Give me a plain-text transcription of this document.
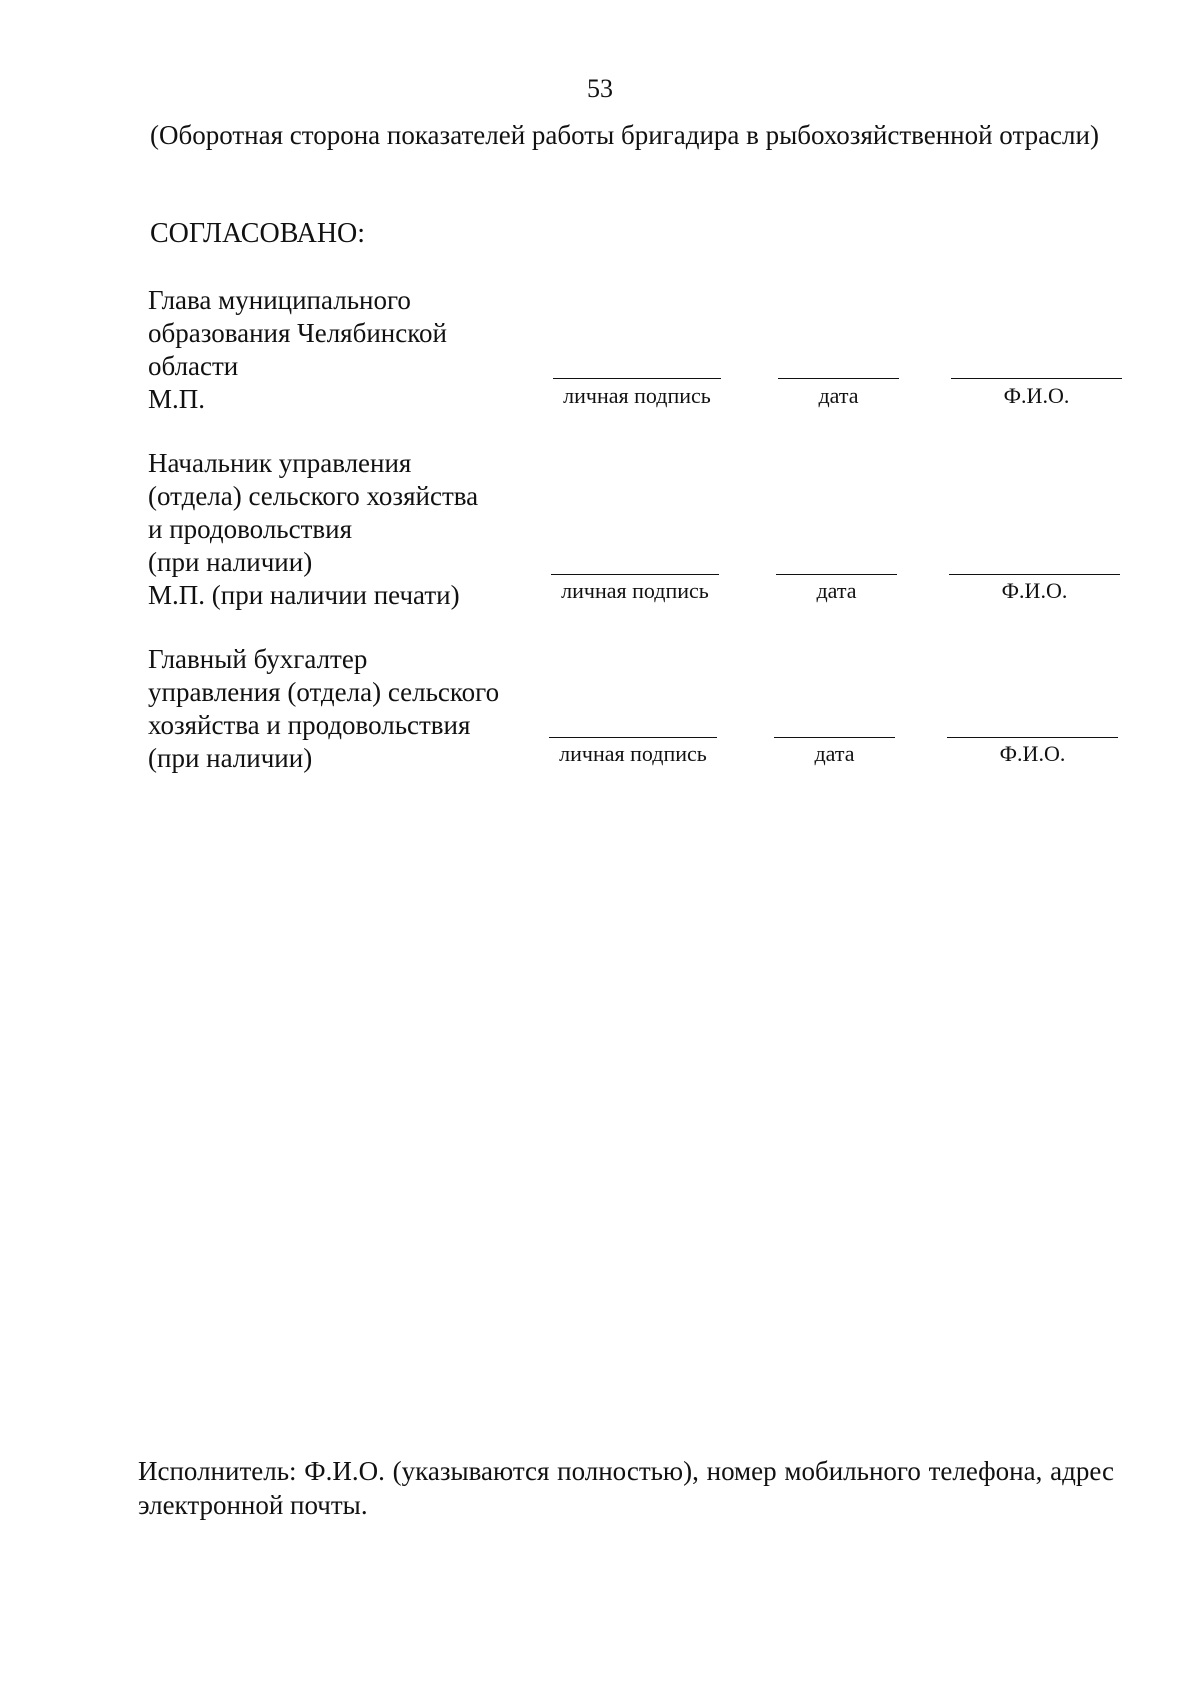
53
(Оборотная сторона показателей работы бригадира в рыбохозяйственной отрасли)
СОГЛАСОВАНО:
Глава муниципального
образования Челябинской
области
М.П.	личная подпись	дата	Ф.И.О.
Начальник управления
(отдела) сельского хозяйства
и продовольствия
(при наличии)
М.П. (при наличии печати)	личная подпись	дата	Ф.И.О.
Главный бухгалтер
управления (отдела) сельского
хозяйства и продовольствия
(при наличии)	личная подпись	дата	Ф.И.О.
Исполнитель: Ф.И.О. (указываются полностью), номер мобильного телефона, адрес электронной почты.
